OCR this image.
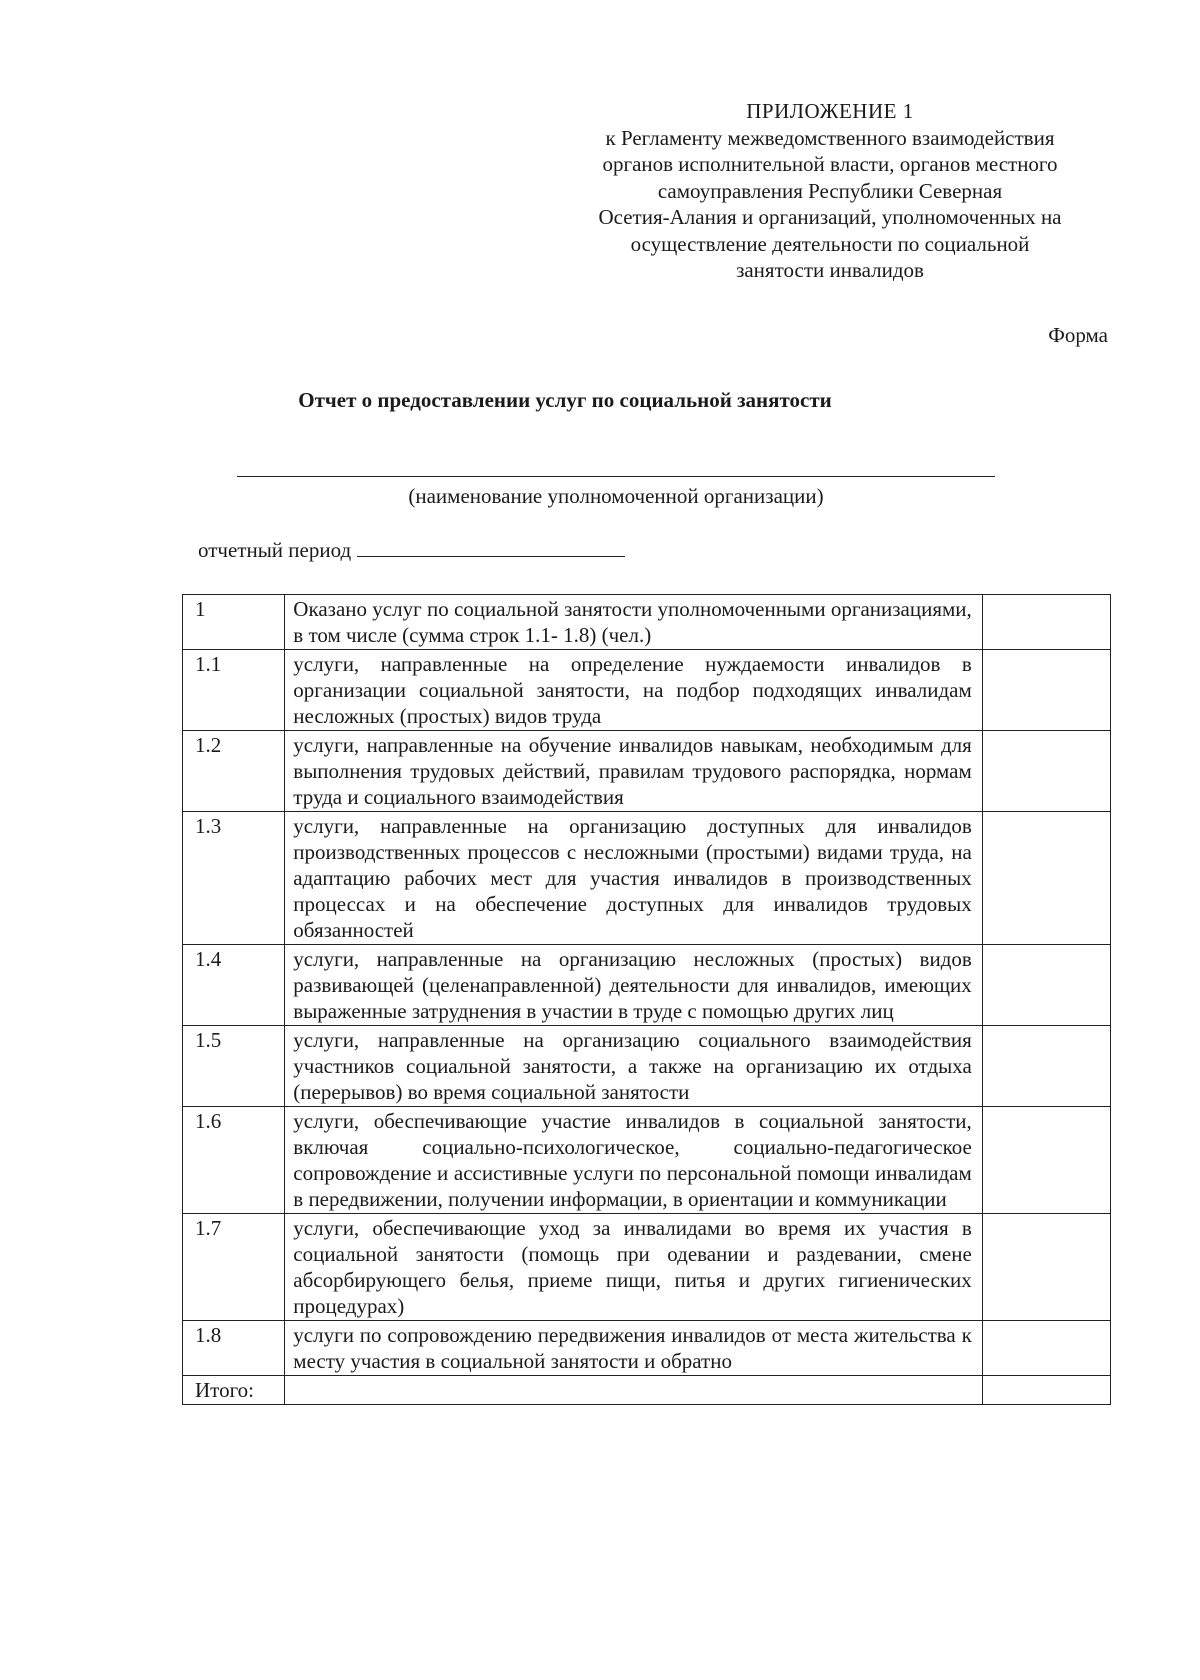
ПРИЛОЖЕНИЕ 1
к Регламенту межведомственного взаимодействия
органов исполнительной власти, органов местного
самоуправления Республики Северная
Осетия-Алания и организаций, уполномоченных на
осуществление деятельности по социальной
занятости инвалидов
Форма
Отчет о предоставлении услуг по социальной занятости
(наименование уполномоченной организации)
отчетный период
1	Оказано услуг по социальной занятости уполномоченными организациями, в том числе (сумма строк 1.1- 1.8) (чел.)	
1.1	услуги, направленные на определение нуждаемости инвалидов в организации социальной занятости, на подбор подходящих инвалидам несложных (простых) видов труда	
1.2	услуги, направленные на обучение инвалидов навыкам, необходимым для выполнения трудовых действий, правилам трудового распорядка, нормам труда и социального взаимодействия	
1.3	услуги, направленные на организацию доступных для инвалидов производственных процессов с несложными (простыми) видами труда, на адаптацию рабочих мест для участия инвалидов в производственных процессах и на обеспечение доступных для инвалидов трудовых обязанностей	
1.4	услуги, направленные на организацию несложных (простых) видов развивающей (целенаправленной) деятельности для инвалидов, имеющих выраженные затруднения в участии в труде с помощью других лиц	
1.5	услуги, направленные на организацию социального взаимодействия участников социальной занятости, а также на организацию их отдыха (перерывов) во время социальной занятости	
1.6	услуги, обеспечивающие участие инвалидов в социальной занятости, включая социально-психологическое, социально-педагогическое сопровождение и ассистивные услуги по персональной помощи инвалидам в передвижении, получении информации, в ориентации и коммуникации	
1.7	услуги, обеспечивающие уход за инвалидами во время их участия в социальной занятости (помощь при одевании и раздевании, смене абсорбирующего белья, приеме пищи, питья и других гигиенических процедурах)	
1.8	услуги по сопровождению передвижения инвалидов от места жительства к месту участия в социальной занятости и обратно	
Итого:		
